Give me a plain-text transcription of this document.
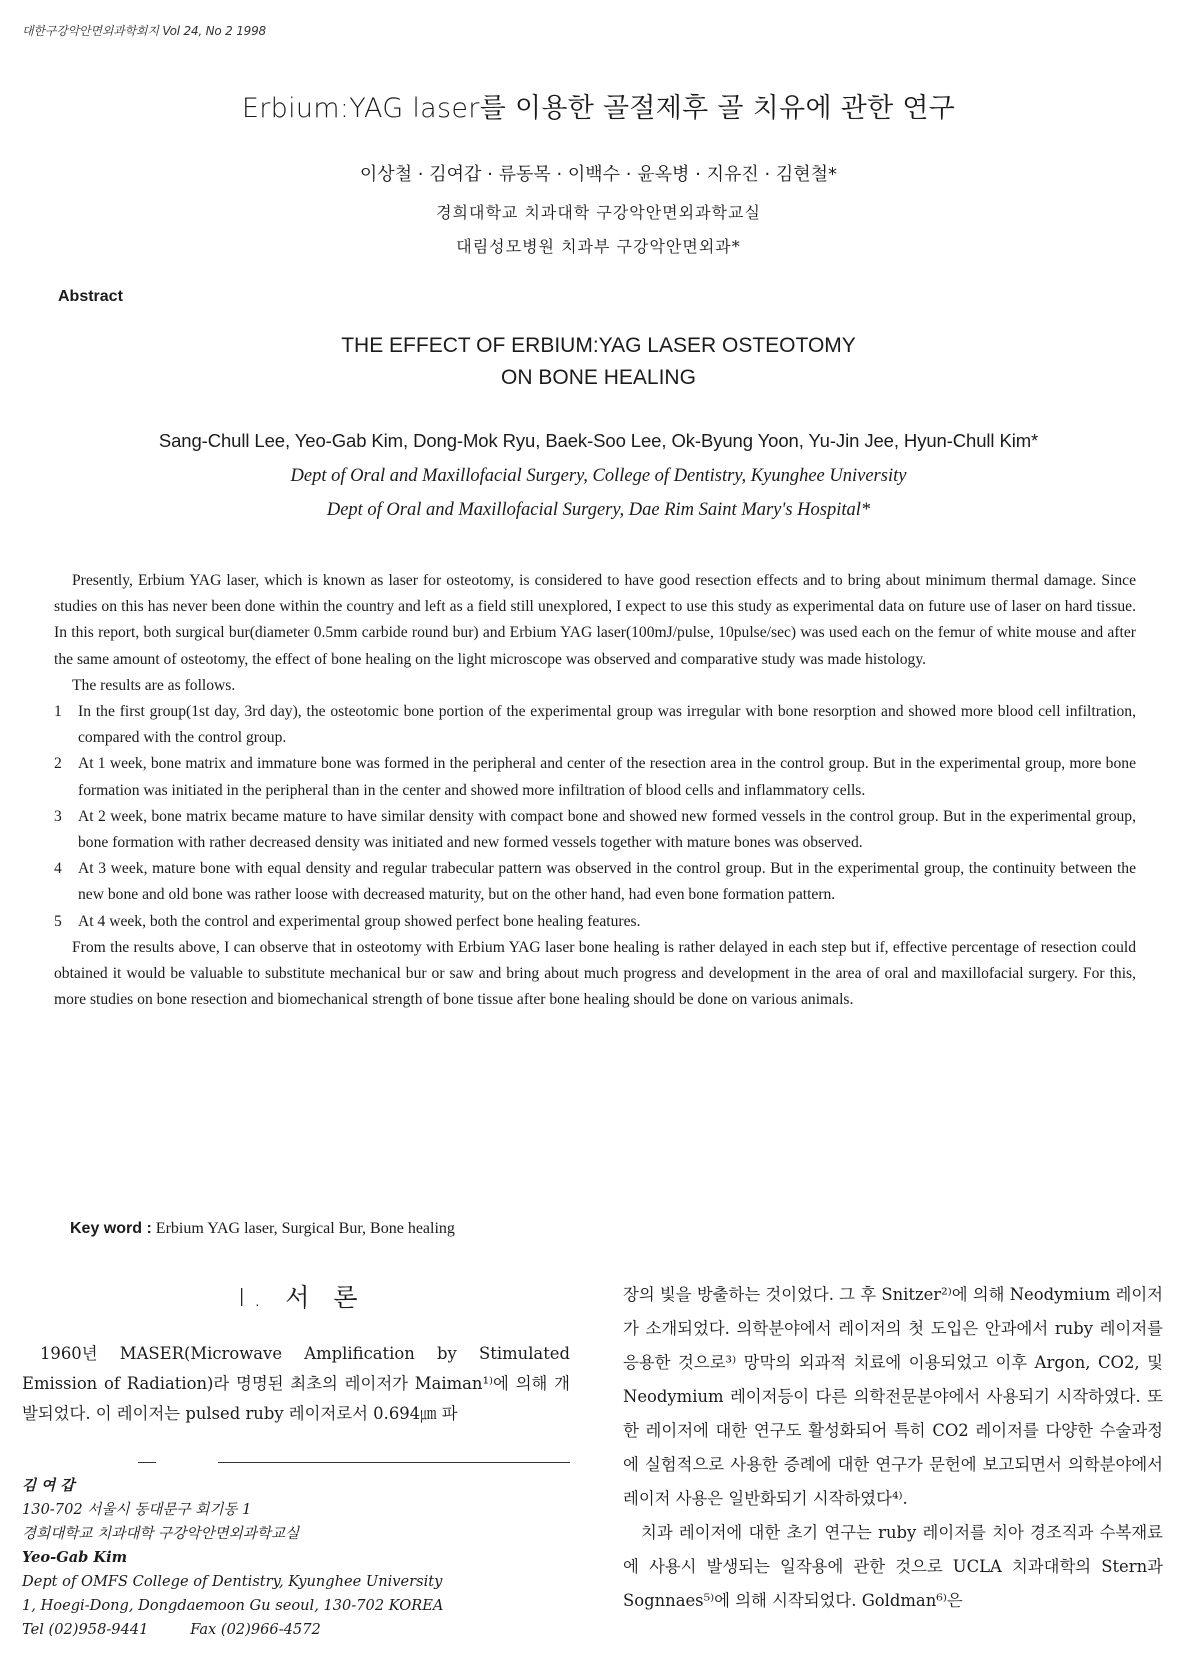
대한구강악안면외과학회지 Vol 24, No 2 1998
Erbium:YAG laser를 이용한 골절제후 골 치유에 관한 연구
이상철 · 김여갑 · 류동목 · 이백수 · 윤옥병 · 지유진 · 김현철*
경희대학교 치과대학 구강악안면외과학교실
대림성모병원 치과부 구강악안면외과*
Abstract
THE EFFECT OF ERBIUM:YAG LASER OSTEOTOMY
ON BONE HEALING
Sang-Chull Lee, Yeo-Gab Kim, Dong-Mok Ryu, Baek-Soo Lee, Ok-Byung Yoon, Yu-Jin Jee, Hyun-Chull Kim*
Dept of Oral and Maxillofacial Surgery, College of Dentistry, Kyunghee University
Dept of Oral and Maxillofacial Surgery, Dae Rim Saint Mary's Hospital*

Presently, Erbium YAG laser, which is known as laser for osteotomy, is considered to have good resection effects and to bring about minimum thermal damage. Since studies on this has never been done within the country and left as a field still unexplored, I expect to use this study as experimental data on future use of laser on hard tissue. In this report, both surgical bur(diameter 0.5mm carbide round bur) and Erbium YAG laser(100mJ/pulse, 10pulse/sec) was used each on the femur of white mouse and after the same amount of osteotomy, the effect of bone healing on the light microscope was observed and comparative study was made histology.

The results are as follows.

1 In the first group(1st day, 3rd day), the osteotomic bone portion of the experimental group was irregular with bone resorption and showed more blood cell infiltration, compared with the control group.

2 At 1 week, bone matrix and immature bone was formed in the peripheral and center of the resection area in the control group. But in the experimental group, more bone formation was initiated in the peripheral than in the center and showed more infiltration of blood cells and inflammatory cells.

3 At 2 week, bone matrix became mature to have similar density with compact bone and showed new formed vessels in the control group. But in the experimental group, bone formation with rather decreased density was initiated and new formed vessels together with mature bones was observed.

4 At 3 week, mature bone with equal density and regular trabecular pattern was observed in the control group. But in the experimental group, the continuity between the new bone and old bone was rather loose with decreased maturity, but on the other hand, had even bone formation pattern.

5 At 4 week, both the control and experimental group showed perfect bone healing features.

From the results above, I can observe that in osteotomy with Erbium YAG laser bone healing is rather delayed in each step but if, effective percentage of resection could obtained it would be valuable to substitute mechanical bur or saw and bring about much progress and development in the area of oral and maxillofacial surgery. For this, more studies on bone resection and biomechanical strength of bone tissue after bone healing should be done on various animals.

Key word : Erbium YAG laser, Surgical Bur, Bone healing
I. 서 론

1960년 MASER(Microwave Amplification by Stimulated Emission of Radiation)라 명명된 최초의 레이저가 Maiman¹⁾에 의해 개발되었다. 이 레이저는 pulsed ruby 레이저로서 0.694㎛ 파

김 여 갑
130-702 서울시 동대문구 회기동 1
경희대학교 치과대학 구강악안면외과학교실
Yeo-Gab Kim
Dept of OMFS College of Dentistry, Kyunghee University
1, Hoegi-Dong, Dongdaemoon Gu seoul, 130-702 KOREA
Tel (02)958-9441	Fax (02)966-4572

장의 빛을 방출하는 것이었다. 그 후 Snitzer²⁾에 의해 Neodymium 레이저가 소개되었다. 의학분야에서 레이저의 첫 도입은 안과에서 ruby 레이저를 응용한 것으로³⁾ 망막의 외과적 치료에 이용되었고 이후 Argon, CO2, 및 Neodymium 레이저등이 다른 의학전문분야에서 사용되기 시작하였다. 또한 레이저에 대한 연구도 활성화되어 특히 CO2 레이저를 다양한 수술과정에 실험적으로 사용한 증례에 대한 연구가 문헌에 보고되면서 의학분야에서 레이저 사용은 일반화되기 시작하였다⁴⁾.

치과 레이저에 대한 초기 연구는 ruby 레이저를 치아 경조직과 수복재료에 사용시 발생되는 일작용에 관한 것으로 UCLA 치과대학의 Stern과 Sognnaes⁵⁾에 의해 시작되었다. Goldman⁶⁾은
